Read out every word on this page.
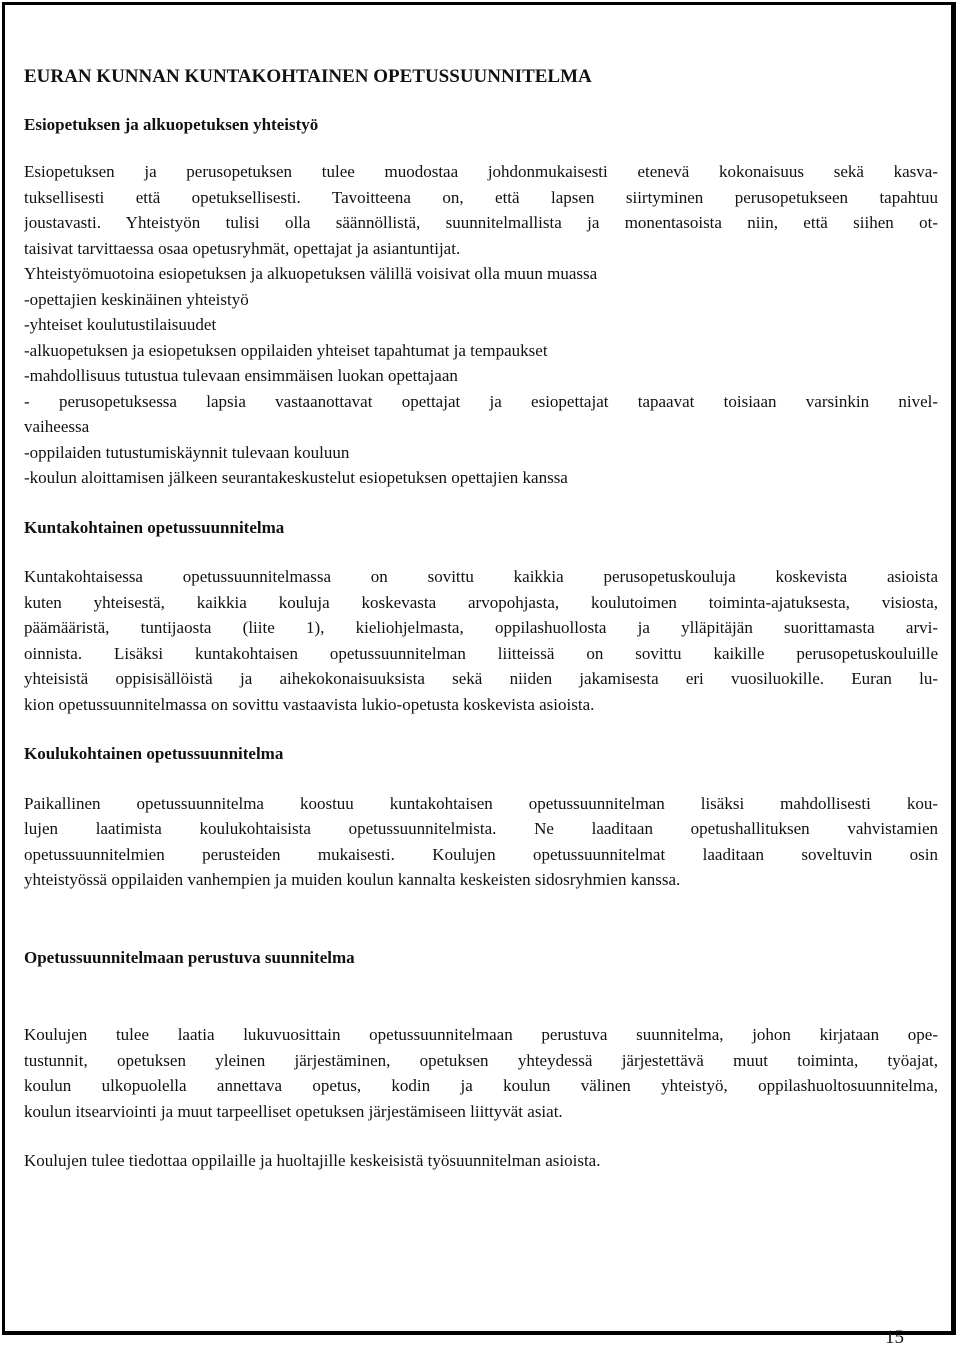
EURAN KUNNAN KUNTAKOHTAINEN OPETUSSUUNNITELMA
Esiopetuksen ja alkuopetuksen yhteistyö
Esiopetuksen ja perusopetuksen tulee muodostaa johdonmukaisesti etenevä kokonaisuus sekä kasva-
tuksellisesti että opetuksellisesti. Tavoitteena on, että lapsen siirtyminen perusopetukseen tapahtuu
joustavasti. Yhteistyön tulisi olla säännöllistä, suunnitelmallista ja monentasoista niin, että siihen ot-
taisivat tarvittaessa osaa opetusryhmät, opettajat ja asiantuntijat.
Yhteistyömuotoina esiopetuksen ja alkuopetuksen välillä voisivat olla muun muassa
-opettajien keskinäinen yhteistyö
-yhteiset koulutustilaisuudet
-alkuopetuksen ja esiopetuksen oppilaiden yhteiset tapahtumat ja tempaukset
-mahdollisuus tutustua tulevaan ensimmäisen luokan opettajaan
- perusopetuksessa lapsia vastaanottavat opettajat ja esiopettajat tapaavat toisiaan varsinkin nivel-
vaiheessa
-oppilaiden tutustumiskäynnit tulevaan kouluun
-koulun aloittamisen jälkeen seurantakeskustelut esiopetuksen opettajien kanssa
Kuntakohtainen opetussuunnitelma
Kuntakohtaisessa opetussuunnitelmassa on sovittu kaikkia perusopetuskouluja koskevista asioista
kuten yhteisestä, kaikkia kouluja koskevasta arvopohjasta, koulutoimen toiminta-ajatuksesta, visiosta,
päämääristä, tuntijaosta (liite 1), kieliohjelmasta, oppilashuollosta ja ylläpitäjän suorittamasta arvi-
oinnista. Lisäksi kuntakohtaisen opetussuunnitelman liitteissä on sovittu kaikille perusopetuskouluille
yhteisistä oppisisällöistä ja aihekokonaisuuksista sekä niiden jakamisesta eri vuosiluokille. Euran lu-
kion opetussuunnitelmassa on sovittu vastaavista lukio-opetusta koskevista asioista.
Koulukohtainen opetussuunnitelma
Paikallinen opetussuunnitelma koostuu kuntakohtaisen opetussuunnitelman lisäksi mahdollisesti kou-
lujen laatimista koulukohtaisista opetussuunnitelmista. Ne laaditaan opetushallituksen vahvistamien
opetussuunnitelmien perusteiden mukaisesti. Koulujen opetussuunnitelmat laaditaan soveltuvin osin
yhteistyössä oppilaiden vanhempien ja muiden koulun kannalta keskeisten sidosryhmien kanssa.
Opetussuunnitelmaan perustuva suunnitelma
Koulujen tulee laatia lukuvuosittain opetussuunnitelmaan perustuva suunnitelma, johon kirjataan ope-
tustunnit, opetuksen yleinen järjestäminen, opetuksen yhteydessä järjestettävä muut toiminta, työajat,
koulun ulkopuolella annettava opetus, kodin ja koulun välinen yhteistyö, oppilashuoltosuunnitelma,
koulun itsearviointi ja muut tarpeelliset opetuksen järjestämiseen liittyvät asiat.
Koulujen tulee tiedottaa oppilaille ja huoltajille keskeisistä työsuunnitelman asioista.
15
